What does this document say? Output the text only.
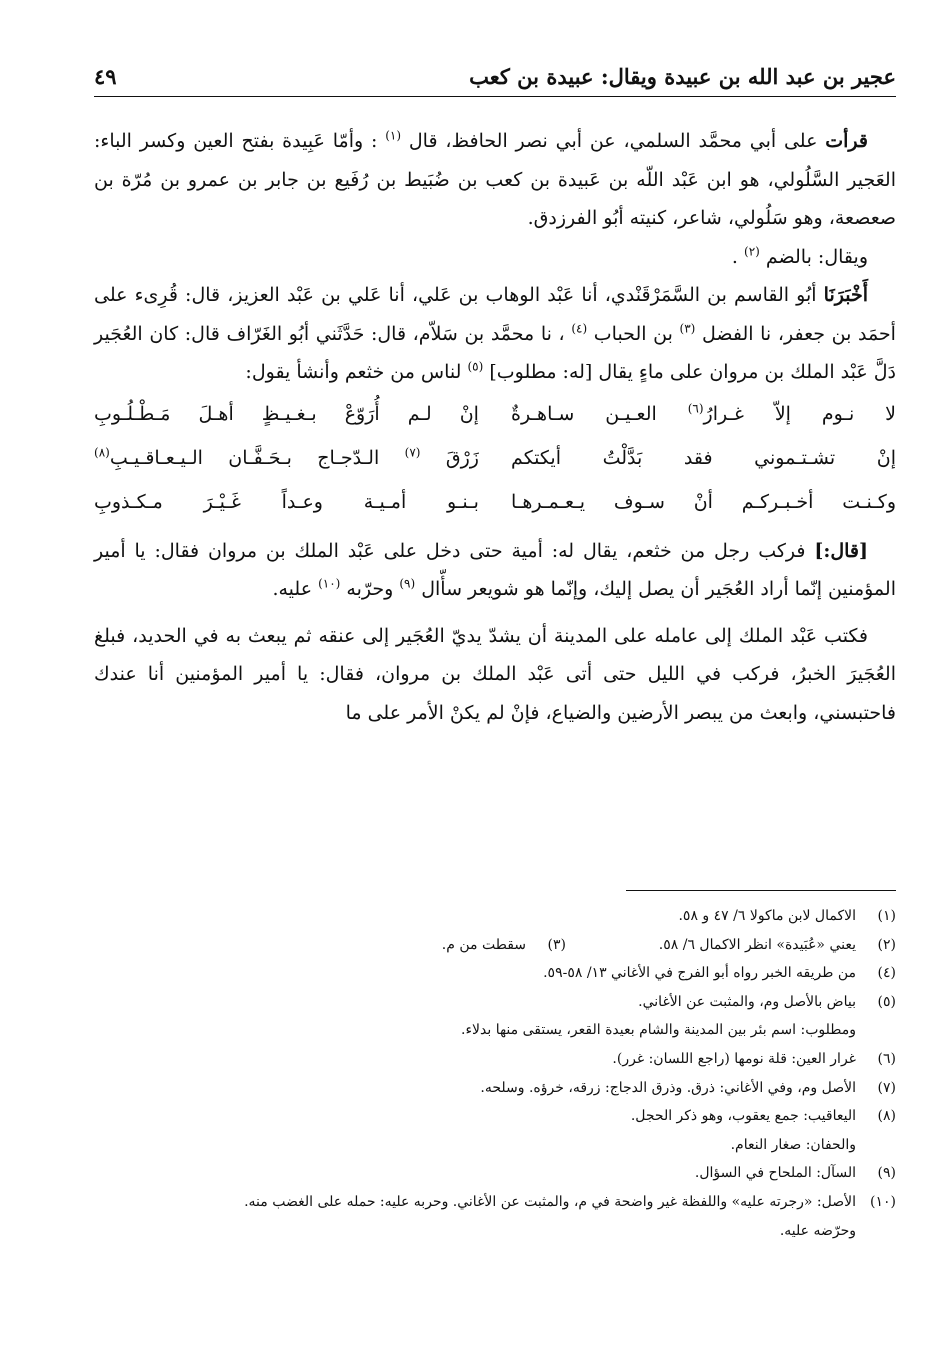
عجير بن عبد الله بن عبيدة ويقال: عبيدة بن كعب
٤٩

قرأت على أبي محمَّد السلمي، عن أبي نصر الحافظ، قال $^{(١)}$ : وأمّا عَبِيدة بفتح العين وكسر الباء: العَجير السَّلُولي، هو ابن عَبْد اللّه بن عَبيدة بن كعب بن ضُبَيط بن رُفَيع بن جابر بن عمرو بن مُرّة بن صعصعة، وهو سَلُولي، شاعر، كنيته أبُو الفرزدق.

ويقال: بالضم $^{(٢)}$ .

أَخْبَرَنَا أبُو القاسم بن السَّمَرْقَنْدي، أنا عَبْد الوهاب بن عَلي، أنا عَلي بن عَبْد العزيز، قال: قُرِىء على أحمَد بن جعفر، نا الفضل $^{(٣)}$ بن الحباب $^{(٤)}$ ، نا محمَّد بن سَلاّم، قال: حَدَّثَني أبُو الغَرّاف قال: كان العُجَير دَلَّ عَبْد الملك بن مروان على ماءٍ يقال [له: مطلوب] $^{(٥)}$ لناس من خثعم وأنشأ يقول:

لا نـوم إلاّ غـرارُ$^{(٦)}$ العـيـن سـاهـرةٌ
إنْ لـم أُرَوّعْ بـغـيـظٍ أهـلَ مَـطْـلُـوبِ
إنْ تشـتـموني فقد بَدَّلْتُ أيكتكم
زَرْقَ $^{(٧)}$ الـدّجـاج بـحَـفَّـان الـيـعـاقـيـبِ$^{(٨)}$
وكـنـت أخـبـركـم أنْ سـوف يـعـمـرهـا
بـنـو أمـيـة وعـداً غَـيْـرَ مـكـذوبِ

[قال:] فركب رجل من خثعم، يقال له: أمية حتى دخل على عَبْد الملك بن مروان فقال: يا أمير المؤمنين إنّما أراد العُجَير أن يصل إليك، وإنّما هو شويعر سأّال $^{(٩)}$ وحرّبه $^{(١٠)}$ عليه.

فكتب عَبْد الملك إلى عامله على المدينة أن يشدّ يديّ العُجَير إلى عنقه ثم يبعث به في الحديد، فبلغ العُجَيرَ الخبرُ، فركب في الليل حتى أتى عَبْد الملك بن مروان، فقال: يا أمير المؤمنين أنا عندك فاحتبسني، وابعث من يبصر الأرضين والضياع، فإنْ لم يكنْ الأمر على ما

(١)الاكمال لابن ماكولا ٦/ ٤٧ و ٥٨.

(٢)يعني «عُبَيدة» انظر الاكمال ٦/ ٥٨.
(٣)سقطت من م.

(٤)من طريقه الخبر رواه أبو الفرج في الأغاني ١٣/ ٥٨-٥٩.

(٥)بياض بالأصل وم، والمثبت عن الأغاني.

ومطلوب: اسم بئر بين المدينة والشام بعيدة القعر، يستقى منها بدلاء.

(٦)غرار العين: قلة نومها (راجع اللسان: غرر).

(٧)الأصل وم، وفي الأغاني: ذرق. وذرق الدجاج: زرقه، خرؤه. وسلحه.

(٨)اليعاقيب: جمع يعقوب، وهو ذكر الحجل.

والحفان: صغار النعام.

(٩)السآل: الملحاح في السؤال.

(١٠)الأصل: «رجرته عليه» واللفظة غير واضحة في م، والمثبت عن الأغاني. وحربه عليه: حمله على الغضب منه.

وحرّضه عليه.
